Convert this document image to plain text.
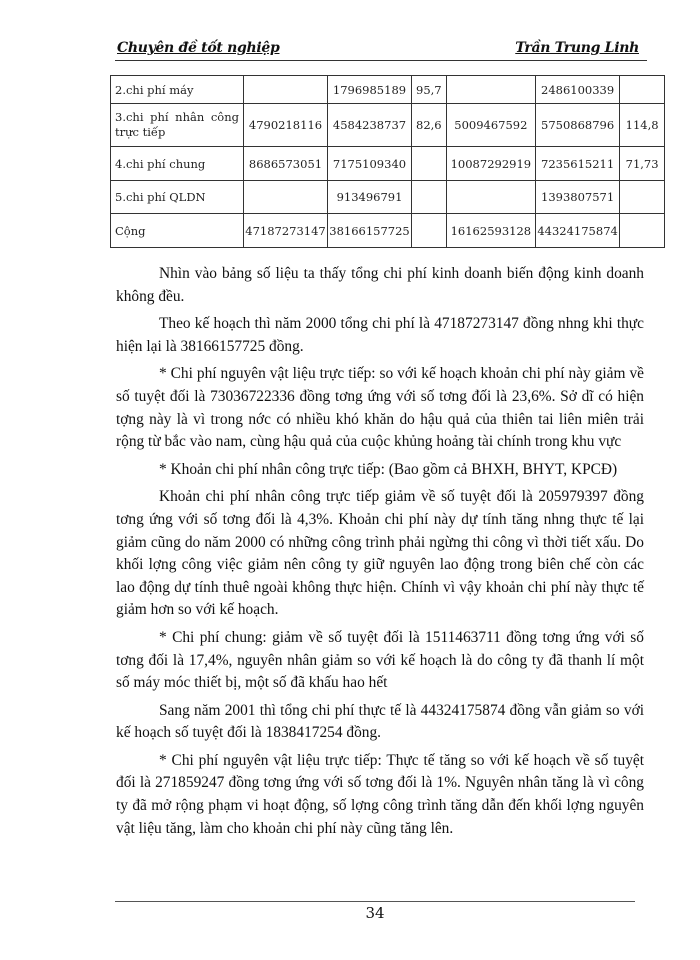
Chuyên đề tốt nghiệp	Trần Trung Linh
2.chi phí máy		1796985189	95,7		2486100339	
3.chi phí nhân công trực tiếp	4790218116	4584238737	82,6	5009467592	5750868796	114,8
4.chi phí chung	8686573051	7175109340		10087292919	7235615211	71,73
5.chi phí QLDN		913496791			1393807571	
Cộng	47187273147	38166157725		16162593128	44324175874	

Nhìn vào bảng số liệu ta thấy tổng chi phí kinh doanh biến động kinh doanh không đều.

Theo kế hoạch thì năm 2000 tổng chi phí là 47187273147 đồng nhng khi thực hiện lại là 38166157725 đồng.

* Chi phí nguyên vật liệu trực tiếp: so với kế hoạch khoản chi phí này giảm về số tuyệt đối là 73036722336 đồng tơng ứng với số tơng đối là 23,6%. Sở dĩ có hiện tợng này là vì trong nớc có nhiều khó khăn do hậu quả của thiên tai liên miên trải rộng từ bắc vào nam, cùng hậu quả của cuộc khủng hoảng tài chính trong khu vực

* Khoản chi phí nhân công trực tiếp: (Bao gồm cả BHXH, BHYT, KPCĐ)

Khoản chi phí nhân công trực tiếp giảm về số tuyệt đối là 205979397 đồng tơng ứng với số tơng đối là 4,3%. Khoản chi phí này dự tính tăng nhng thực tế lại giảm cũng do năm 2000 có những công trình phải ngừng thi công vì thời tiết xấu. Do khối lợng công việc giảm nên công ty giữ nguyên lao động trong biên chế còn các lao động dự tính thuê ngoài không thực hiện. Chính vì vậy khoản chi phí này thực tế giảm hơn so với kế hoạch.

* Chi phí chung: giảm về số tuyệt đối là 1511463711 đồng tơng ứng với số tơng đối là 17,4%, nguyên nhân giảm so với kế hoạch là do công ty đã thanh lí một số máy móc thiết bị, một số đã khấu hao hết

Sang năm 2001 thì tổng chi phí thực tế là 44324175874 đồng vẫn giảm so với kế hoạch số tuyệt đối là 1838417254 đồng.

* Chi phí nguyên vật liệu trực tiếp: Thực tế tăng so với kế hoạch về số tuyệt đối là 271859247 đồng tơng ứng với số tơng đối là 1%. Nguyên nhân tăng là vì công ty đã mở rộng phạm vi hoạt động, số lợng công trình tăng dẫn đến khối lợng nguyên vật liệu tăng, làm cho khoản chi phí này cũng tăng lên.

34
